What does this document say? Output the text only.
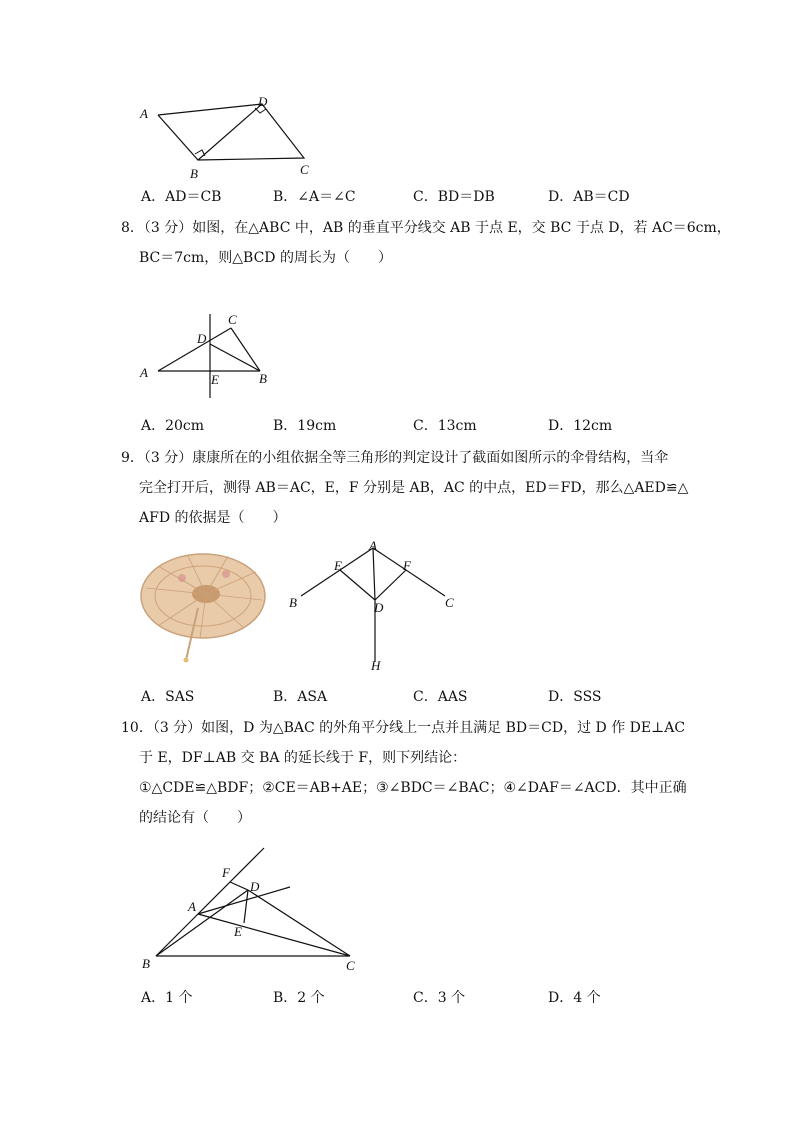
A
B	C
D
A．AD＝CB	B．∠A＝∠C	C．BD＝DB	D．AB＝CD
8．（3 分）如图，在△ABC 中，AB 的垂直平分线交 AB 于点 E，交 BC 于点 D，若 AC＝6cm，
BC＝7cm，则△BCD 的周长为（　　）
A	B
C
D
E
A．20cm	B．19cm	C．13cm	D．12cm
9．（3 分）康康所在的小组依据全等三角形的判定设计了截面如图所示的伞骨结构，当伞
完全打开后，测得 AB＝AC，E，F 分别是 AB，AC 的中点，ED＝FD，那么△AED≌△
AFD 的依据是（　　）
A
B	C
D
E	F
H
A．SAS	B．ASA	C．AAS	D．SSS
10．（3 分）如图，D 为△BAC 的外角平分线上一点并且满足 BD＝CD，过 D 作 DE⊥AC
于 E，DF⊥AB 交 BA 的延长线于 F，则下列结论：
①△CDE≌△BDF；②CE＝AB+AE；③∠BDC＝∠BAC；④∠DAF＝∠ACD．其中正确
的结论有（　　）
A
B	C
D
E
F
A．1 个	B．2 个	C．3 个	D．4 个
